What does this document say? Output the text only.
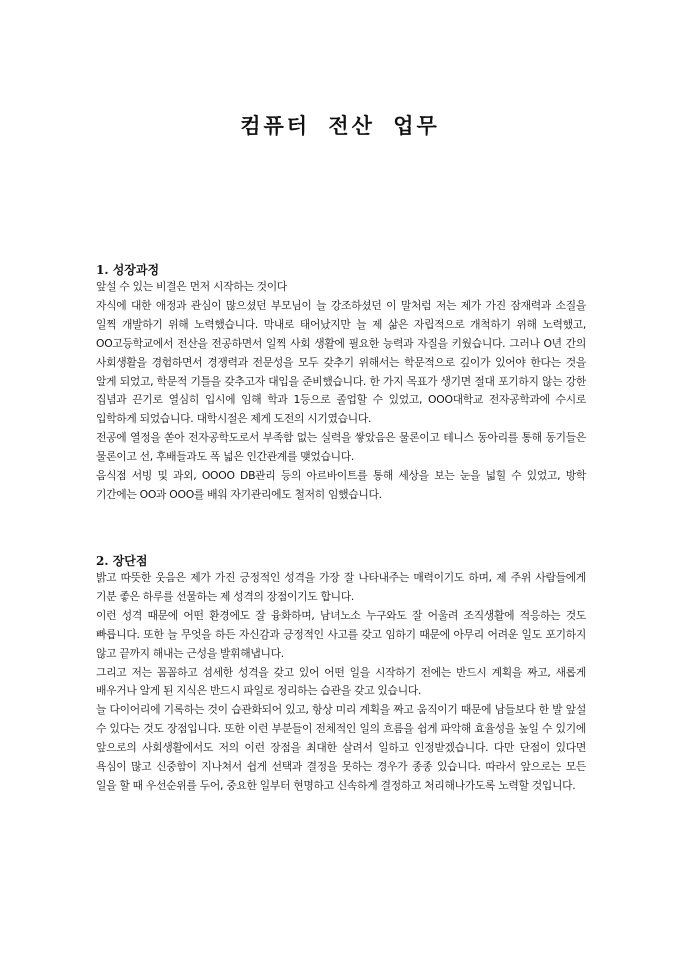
컴퓨터 전산 업무

1. 성장과정

앞설 수 있는 비결은 먼저 시작하는 것이다

자식에 대한 애정과 관심이 많으셨던 부모님이 늘 강조하셨던 이 말처럼 저는 제가 가진 잠재력과 소질을 일찍 개발하기 위해 노력했습니다. 막내로 태어났지만 늘 제 삶은 자립적으로 개척하기 위해 노력했고, OO고등학교에서 전산을 전공하면서 일찍 사회 생활에 필요한 능력과 자질을 키웠습니다. 그러나 O년 간의 사회생활을 경험하면서 경쟁력과 전문성을 모두 갖추기 위해서는 학문적으로 깊이가 있어야 한다는 것을 알게 되었고, 학문적 기틀을 갖추고자 대입을 준비했습니다. 한 가지 목표가 생기면 절대 포기하지 않는 강한 집념과 끈기로 열심히 입시에 임해 학과 1등으로 졸업할 수 있었고, OOO대학교 전자공학과에 수시로 입학하게 되었습니다. 대학시절은 제게 도전의 시기였습니다.

전공에 열정을 쏟아 전자공학도로서 부족함 없는 실력을 쌓았음은 물론이고 테니스 동아리를 통해 동기들은 물론이고 선, 후배들과도 폭 넓은 인간관계를 맺었습니다.

음식점 서빙 및 과외, OOOO DB관리 등의 아르바이트를 통해 세상을 보는 눈을 넓힐 수 있었고, 방학 기간에는 OO과 OOO를 배워 자기관리에도 철저히 임했습니다.

2. 장단점

밝고 따뜻한 웃음은 제가 가진 긍정적인 성격을 가장 잘 나타내주는 매력이기도 하며, 제 주위 사람들에게 기분 좋은 하루를 선물하는 제 성격의 장점이기도 합니다.

이런 성격 때문에 어떤 환경에도 잘 융화하며, 남녀노소 누구와도 잘 어울려 조직생활에 적응하는 것도 빠릅니다. 또한 늘 무엇을 하든 자신감과 긍정적인 사고를 갖고 임하기 때문에 아무리 어려운 일도 포기하지 않고 끝까지 해내는 근성을 발휘해냅니다.

그리고 저는 꼼꼼하고 섬세한 성격을 갖고 있어 어떤 일을 시작하기 전에는 반드시 계획을 짜고, 새롭게 배우거나 알게 된 지식은 반드시 파일로 정리하는 습관을 갖고 있습니다.

늘 다이어리에 기록하는 것이 습관화되어 있고, 항상 미리 계획을 짜고 움직이기 때문에 남들보다 한 발 앞설 수 있다는 것도 장점입니다. 또한 이런 부분들이 전체적인 일의 흐름을 쉽게 파악해 효율성을 높일 수 있기에 앞으로의 사회생활에서도 저의 이런 장점을 최대한 살려서 일하고 인정받겠습니다. 다만 단점이 있다면 욕심이 많고 신중함이 지나쳐서 쉽게 선택과 결정을 못하는 경우가 종종 있습니다. 따라서 앞으로는 모든 일을 할 때 우선순위를 두어, 중요한 일부터 현명하고 신속하게 결정하고 처리해나가도록 노력할 것입니다.
